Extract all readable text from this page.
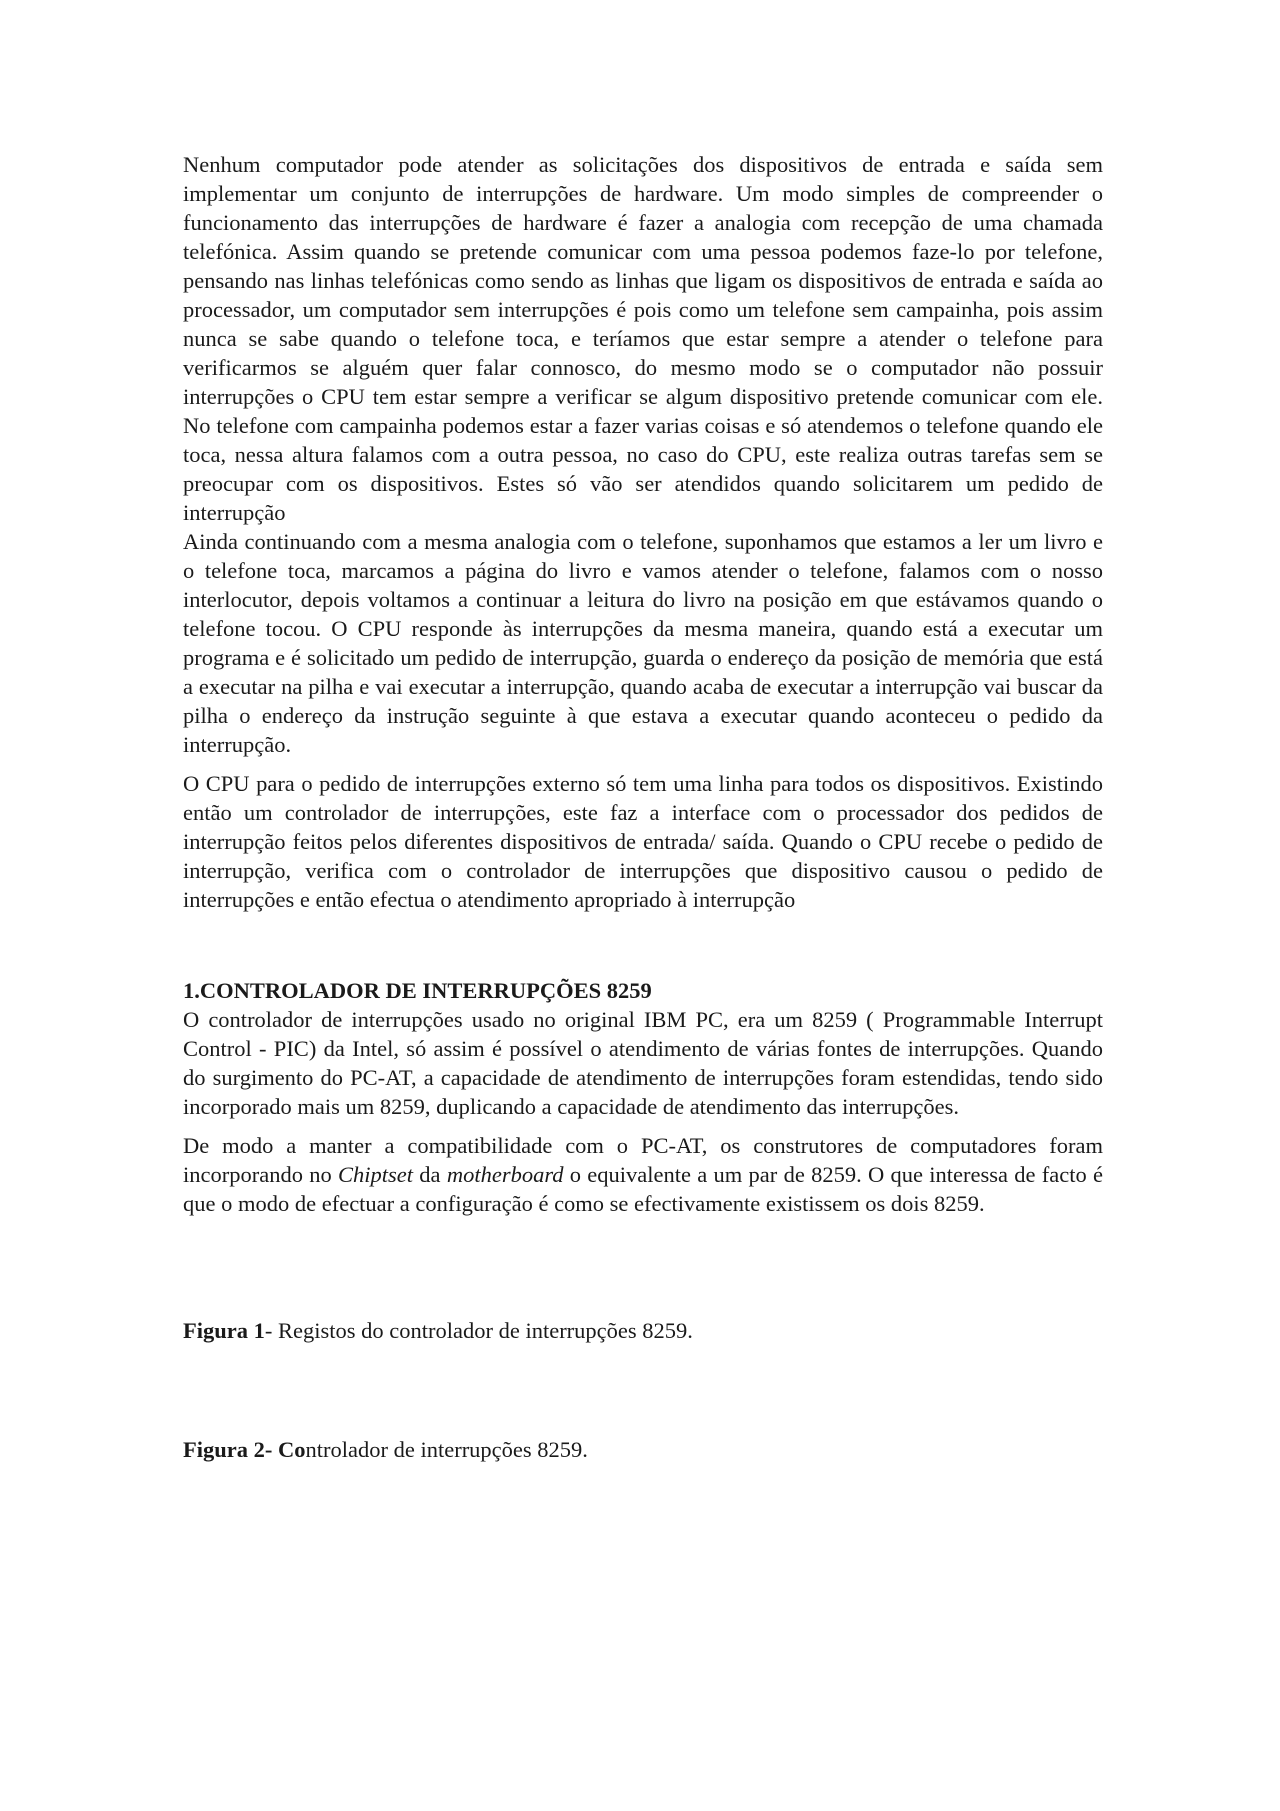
Nenhum computador pode atender as solicitações dos dispositivos de entrada e saída sem implementar um conjunto de interrupções de hardware. Um modo simples de compreender o funcionamento das interrupções de hardware é fazer a analogia com recepção de uma chamada telefónica. Assim quando se pretende comunicar com uma pessoa podemos faze-lo por telefone, pensando nas linhas telefónicas como sendo as linhas que ligam os dispositivos de entrada e saída ao processador, um computador sem interrupções é pois como um telefone sem campainha, pois assim nunca se sabe quando o telefone toca, e teríamos que estar sempre a atender o telefone para verificarmos se alguém quer falar connosco, do mesmo modo se o computador não possuir interrupções o CPU tem estar sempre a verificar se algum dispositivo pretende comunicar com ele. No telefone com campainha podemos estar a fazer varias coisas e só atendemos o telefone quando ele toca, nessa altura falamos com a outra pessoa, no caso do CPU, este realiza outras tarefas sem se preocupar com os dispositivos. Estes só vão ser atendidos quando solicitarem um pedido de interrupção

Ainda continuando com a mesma analogia com o telefone, suponhamos que estamos a ler um livro e o telefone toca, marcamos a página do livro e vamos atender o telefone, falamos com o nosso interlocutor, depois voltamos a continuar a leitura do livro na posição em que estávamos quando o telefone tocou. O CPU responde às interrupções da mesma maneira, quando está a executar um programa e é solicitado um pedido de interrupção, guarda o endereço da posição de memória que está a executar na pilha e vai executar a interrupção, quando acaba de executar a interrupção vai buscar da pilha o endereço da instrução seguinte à que estava a executar quando aconteceu o pedido da interrupção.

O CPU para o pedido de interrupções externo só tem uma linha para todos os dispositivos. Existindo então um controlador de interrupções, este faz a interface com o processador dos pedidos de interrupção feitos pelos diferentes dispositivos de entrada/ saída. Quando o CPU recebe o pedido de interrupção, verifica com o controlador de interrupções que dispositivo causou o pedido de interrupções e então efectua o atendimento apropriado à interrupção

1.CONTROLADOR DE INTERRUPÇÕES 8259

O controlador de interrupções usado no original IBM PC, era um 8259 ( Programmable Interrupt Control - PIC) da Intel, só assim é possível o atendimento de várias fontes de interrupções. Quando do surgimento do PC-AT, a capacidade de atendimento de interrupções foram estendidas, tendo sido incorporado mais um 8259, duplicando a capacidade de atendimento das interrupções.

De modo a manter a compatibilidade com o PC-AT, os construtores de computadores foram incorporando no Chiptset da motherboard o equivalente a um par de 8259. O que interessa de facto é que o modo de efectuar a configuração é como se efectivamente existissem os dois 8259.

Figura 1- Registos do controlador de interrupções 8259.

Figura 2- Controlador de interrupções 8259.
